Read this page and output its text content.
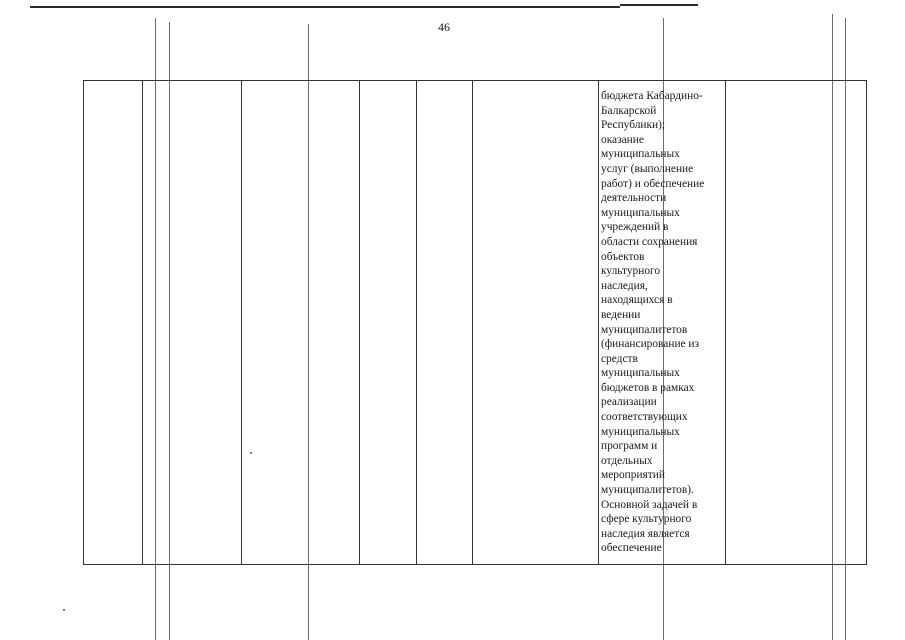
46
бюджета Кабардино-
Балкарской
Республики);
оказание
муниципальных
услуг (выполнение
работ) и обеспечение
деятельности
муниципальных
учреждений в
области сохранения
объектов
культурного
наследия,
находящихся в
ведении
муниципалитетов
(финансирование из
средств
муниципальных
бюджетов в рамках
реализации
соответствующих
муниципальных
программ и
отдельных
мероприятий
муниципалитетов).
Основной задачей в
сфере культурного
наследия является
обеспечение
